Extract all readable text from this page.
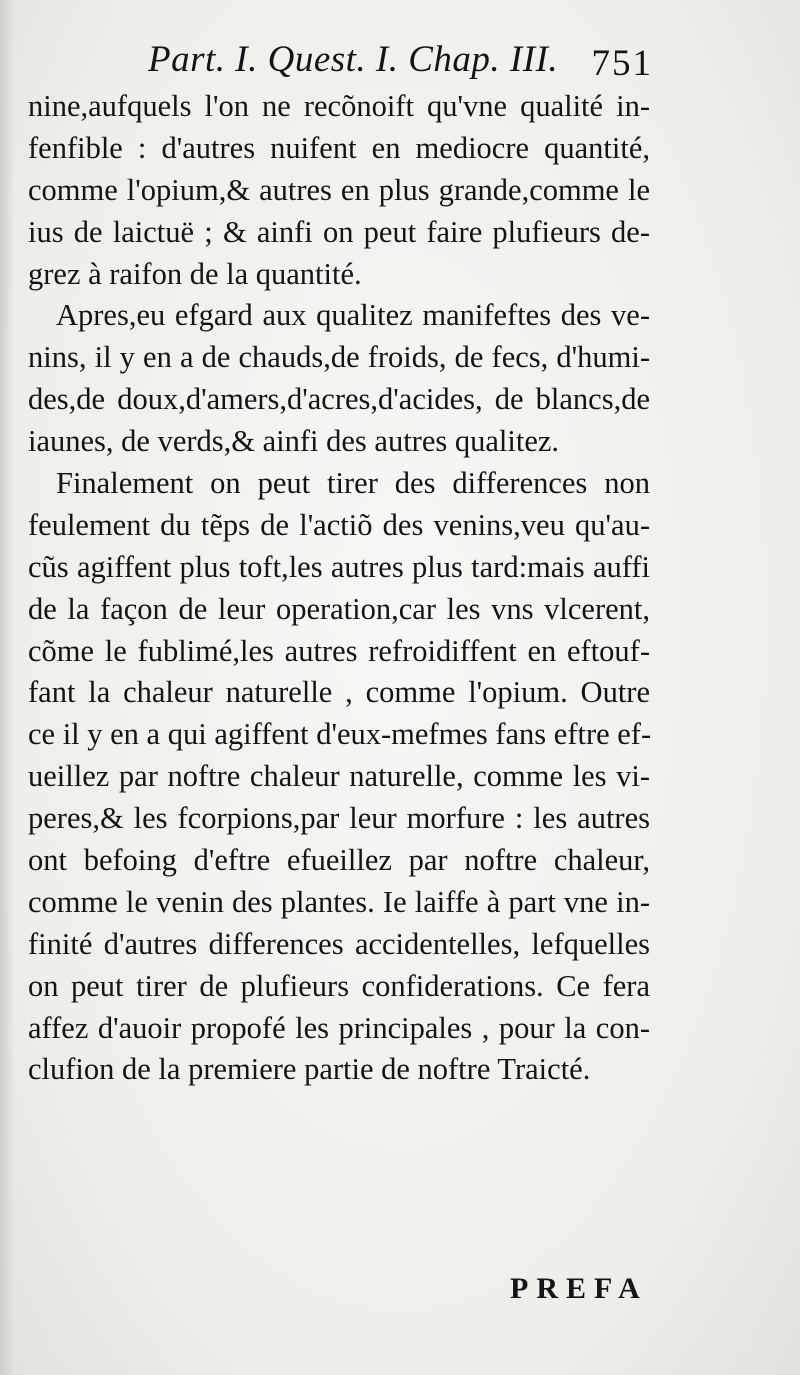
Part. I. Quest. I. Chap. III. 751
nine,aufquels l'on ne recõnoift qu'vne qualité in-
fenfible : d'autres nuifent en mediocre quantité,
comme l'opium,& autres en plus grande,comme le
ius de laictuë ; & ainfi on peut faire plufieurs de-
grez à raifon de la quantité.
Apres,eu efgard aux qualitez manifeftes des ve-
nins, il y en a de chauds,de froids, de fecs, d'humi-
des,de doux,d'amers,d'acres,d'acides, de blancs,de
iaunes, de verds,& ainfi des autres qualitez.
Finalement on peut tirer des differences non
feulement du tẽps de l'actiõ des venins,veu qu'au-
cũs agiffent plus toft,les autres plus tard:mais auffi
de la façon de leur operation,car les vns vlcerent,
cõme le fublimé,les autres refroidiffent en eftouf-
fant la chaleur naturelle , comme l'opium. Outre
ce il y en a qui agiffent d'eux-mefmes fans eftre ef-
ueillez par noftre chaleur naturelle, comme les vi-
peres,& les fcorpions,par leur morfure : les autres
ont befoing d'eftre efueillez par noftre chaleur,
comme le venin des plantes. Ie laiffe à part vne in-
finité d'autres differences accidentelles, lefquelles
on peut tirer de plufieurs confiderations. Ce fera
affez d'auoir propofé les principales , pour la con-
clufion de la premiere partie de noftre Traicté.
PREFA
